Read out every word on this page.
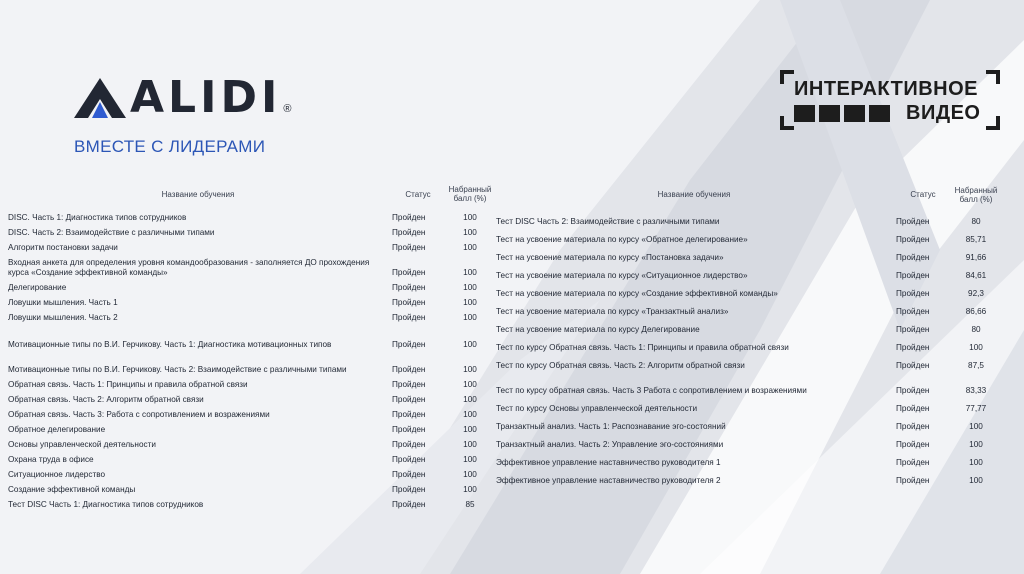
ALIDI ®
ВМЕСТЕ С ЛИДЕРАМИ
ИНТЕРАКТИВНОЕ
ВИДЕО
Название обучения	Статус	Набранный балл (%)
DISC. Часть 1: Диагностика типов сотрудников	Пройден	100
DISC. Часть 2: Взаимодействие с различными типами	Пройден	100
Алгоритм постановки задачи	Пройден	100
Входная анкета для определения уровня командообразования - заполняется ДО прохождения курса «Создание эффективной команды»	Пройден	100
Делегирование	Пройден	100
Ловушки мышления. Часть 1	Пройден	100
Ловушки мышления. Часть 2	Пройден	100
Мотивационные типы по В.И. Герчикову. Часть 1: Диагностика мотивационных типов	Пройден	100
Мотивационные типы по В.И. Герчикову. Часть 2: Взаимодействие с различными типами	Пройден	100
Обратная связь. Часть 1: Принципы и правила обратной связи	Пройден	100
Обратная связь. Часть 2: Алгоритм обратной связи	Пройден	100
Обратная связь. Часть 3: Работа с сопротивлением и возражениями	Пройден	100
Обратное делегирование	Пройден	100
Основы управленческой деятельности	Пройден	100
Охрана труда в офисе	Пройден	100
Ситуационное лидерство	Пройден	100
Создание эффективной команды	Пройден	100
Тест DISC Часть 1: Диагностика типов сотрудников	Пройден	85
Название обучения	Статус	Набранный балл (%)
Тест DISC Часть 2: Взаимодействие с различными типами	Пройден	80
Тест на усвоение материала по курсу «Обратное делегирование»	Пройден	85,71
Тест на усвоение материала по курсу «Постановка задачи»	Пройден	91,66
Тест на усвоение материала по курсу «Ситуационное лидерство»	Пройден	84,61
Тест на усвоение материала по курсу «Создание эффективной команды»	Пройден	92,3
Тест на усвоение материала по курсу «Транзактный анализ»	Пройден	86,66
Тест на усвоение материала по курсу Делегирование	Пройден	80
Тест по курсу Обратная связь. Часть 1: Принципы и правила обратной связи	Пройден	100
Тест по курсу Обратная связь. Часть 2: Алгоритм обратной связи	Пройден	87,5
Тест по курсу обратная связь. Часть 3 Работа с сопротивлением и возражениями	Пройден	83,33
Тест по курсу Основы управленческой деятельности	Пройден	77,77
Транзактный анализ. Часть 1: Распознавание эго-состояний	Пройден	100
Транзактный анализ. Часть 2: Управление эго-состояниями	Пройден	100
Эффективное управление наставничество руководителя 1	Пройден	100
Эффективное управление наставничество руководителя 2	Пройден	100
